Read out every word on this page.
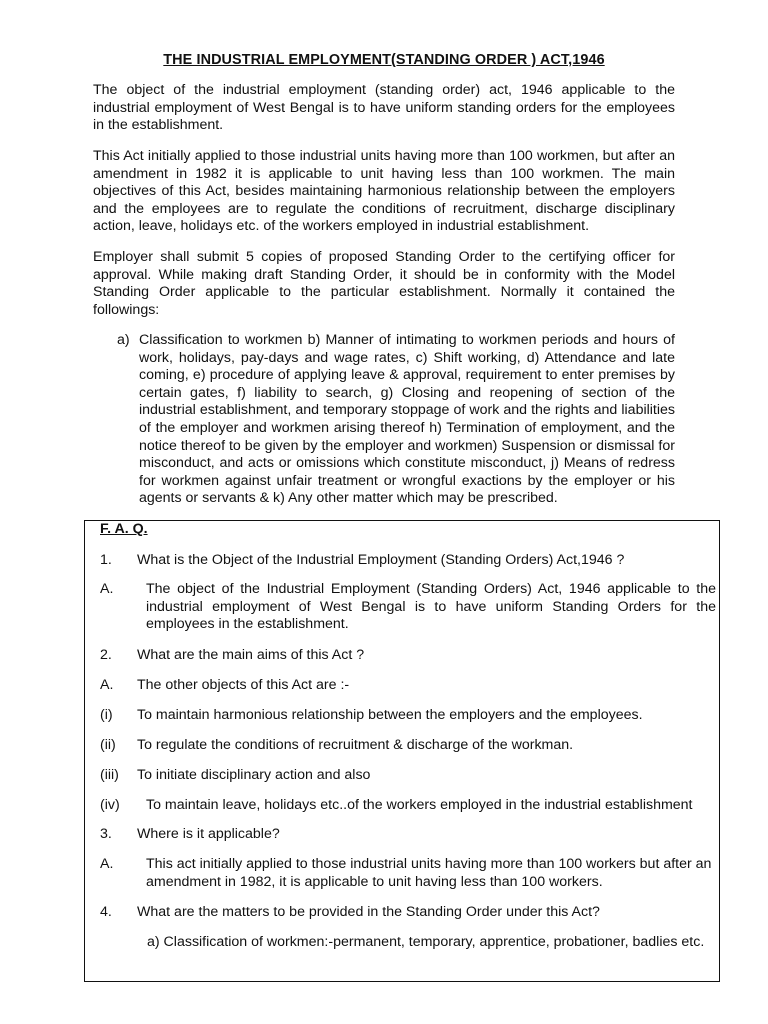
THE INDUSTRIAL EMPLOYMENT(STANDING ORDER ) ACT,1946

The object of the industrial employment (standing order) act, 1946 applicable to the industrial employment of West Bengal is to have uniform standing orders for the employees in the establishment.

This Act initially applied to those industrial units having more than 100 workmen, but after an amendment in 1982 it is applicable to unit having less than 100 workmen. The main objectives of this Act, besides maintaining harmonious relationship between the employers and the employees are to regulate the conditions of recruitment, discharge disciplinary action, leave, holidays etc. of the workers employed in industrial establishment.

Employer shall submit 5 copies of proposed Standing Order to the certifying officer for approval. While making draft Standing Order, it should be in conformity with the Model Standing Order applicable to the particular establishment. Normally it contained the followings:

a) Classification to workmen b) Manner of intimating to workmen periods and hours of work, holidays, pay-days and wage rates, c) Shift working, d) Attendance and late coming, e) procedure of applying leave & approval, requirement to enter premises by certain gates, f) liability to search, g) Closing and reopening of section of the industrial establishment, and temporary stoppage of work and the rights and liabilities of the employer and workmen arising thereof h) Termination of employment, and the notice thereof to be given by the employer and workmen) Suspension or dismissal for misconduct, and acts or omissions which constitute misconduct, j) Means of redress for workmen against unfair treatment or wrongful exactions by the employer or his agents or servants & k) Any other matter which may be prescribed.
F. A. Q.
1.	What is the Object of the Industrial Employment (Standing Orders) Act,1946 ?
A.	The object of the Industrial Employment (Standing Orders) Act, 1946 applicable to the industrial employment of West Bengal is to have uniform Standing Orders for the employees in the establishment.
2.	What are the main aims of this Act ?
A.	The other objects of this Act are :-
(i)	To maintain harmonious relationship between the employers and the employees.
(ii)	To regulate the conditions of recruitment & discharge of the workman.
(iii)	To initiate disciplinary action and also
(iv)	To maintain leave, holidays etc..of the workers employed in the industrial establishment
3.	Where is it applicable?
A.	This act initially applied to those industrial units having more than 100 workers but after an amendment in 1982, it is applicable to unit having less than 100 workers.
4.	What are the matters to be provided in the Standing Order under this Act?
a) Classification of workmen:-permanent, temporary, apprentice, probationer, badlies etc.
